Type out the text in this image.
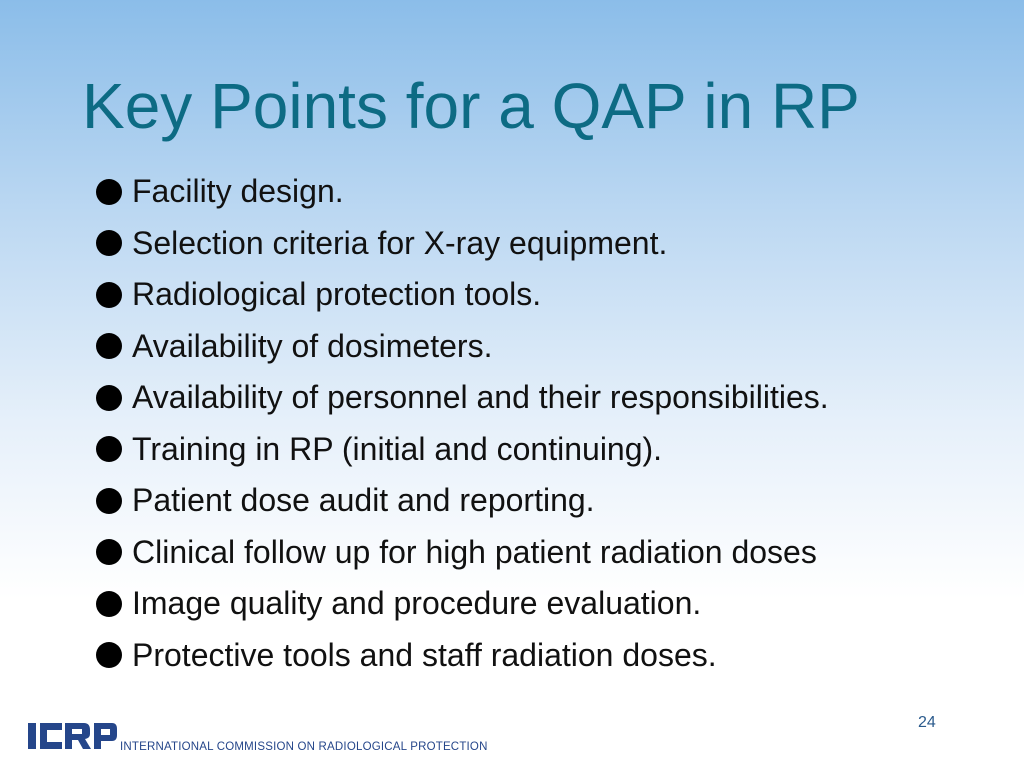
Key Points for a QAP in RP
Facility design.
Selection criteria for X-ray equipment.
Radiological protection tools.
Availability of dosimeters.
Availability of personnel and their responsibilities.
Training in RP (initial and continuing).
Patient dose audit and reporting.
Clinical follow up for high patient radiation doses
Image quality and procedure evaluation.
Protective tools and staff radiation doses.
24
INTERNATIONAL COMMISSION ON RADIOLOGICAL PROTECTION
